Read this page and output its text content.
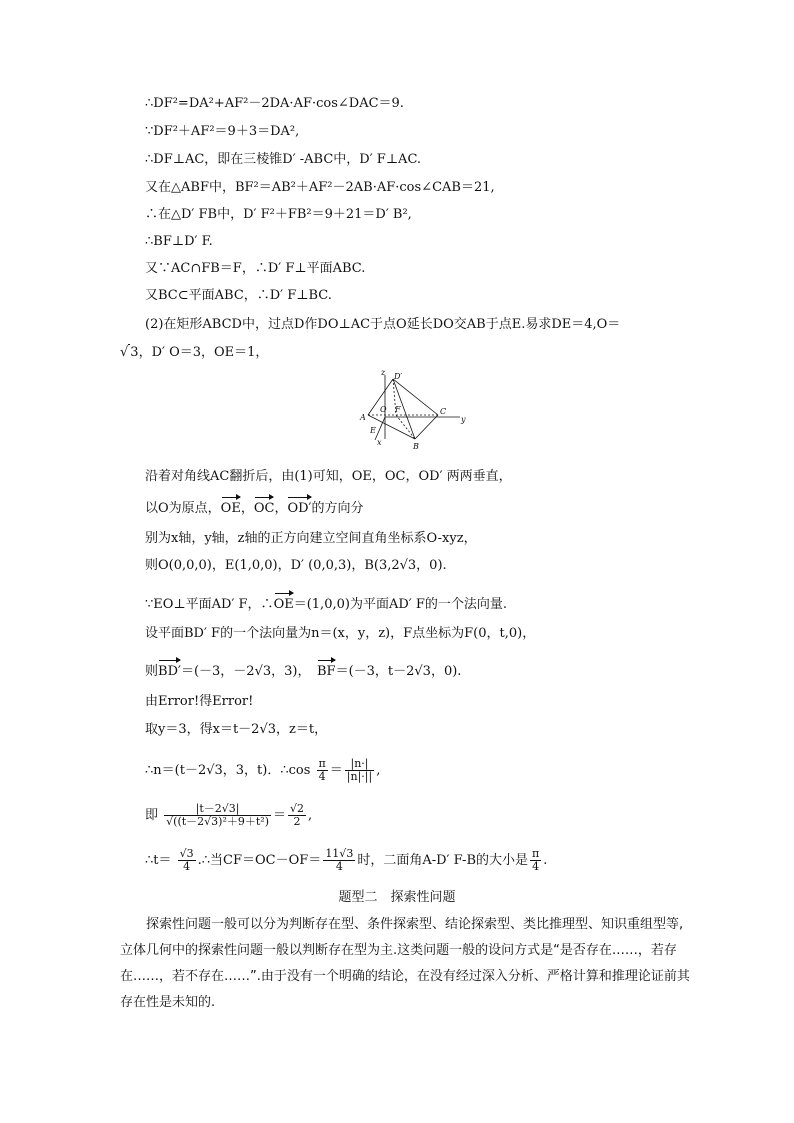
∴DF²=DA²+AF²－2DA·AF·cos∠DAC＝9.
∵DF²＋AF²＝9＋3＝DA²,
∴DF⊥AC，即在三棱锥D′ -ABC中，D′ F⊥AC.
又在△ABF中，BF²＝AB²＋AF²－2AB·AF·cos∠CAB＝21,
∴在△D′ FB中，D′ F²＋FB²＝9＋21＝D′ B²,
∴BF⊥D′ F.
又∵AC∩FB＝F，∴D′ F⊥平面ABC.
又BC⊂平面ABC，∴D′ F⊥BC.
(2)在矩形ABCD中，过点D作DO⊥AC于点O延长DO交AB于点E.易求DE＝4,O＝
√ 3，D′ O＝3，OE＝1，
z D′
O F
A
C
y
E
x	B
沿着对角线AC翻折后，由(1)可知，OE，OC，OD′ 两两垂直，
以O为原点，OE，OC，OD′的方向分
别为x轴，y轴，z轴的正方向建立空间直角坐标系O-xyz，
则O(0,0,0)，E(1,0,0)，D′ (0,0,3)，B(3,2√3，0).
∵EO⊥平面AD′ F，∴OE＝(1,0,0)为平面AD′ F的一个法向量.
设平面BD′ F的一个法向量为n＝(x，y，z)，F点坐标为F(0，t,0)，
则BD′＝(－3，－2√3，3)，　 BF＝(－3，t－2√3，0).
由Error!得Error!
取y＝3，得x＝t－2√3，z＝t，
∴n＝(t－2√3，3，t)．∴cos $\frac{\pi}{4} = \frac{|n\cdot|}{|n|\cdot||}$ ,
即 $\frac{|t-2√3|}{\text{√((t－2√3)²＋9＋t²)}} = \frac{√2}{2}$ ,
∴t＝ $\frac{√3}{4}$ .∴当$CF=OC-OF= \frac{11√3}{4}$ 时，二面角A-D′ F-B的大小是 $\frac{\pi}{4}$ .
题型二　探索性问题
探索性问题一般可以分为判断存在型、条件探索型、结论探索型、类比推理型、知识重组型等,立体几何中的探索性问题一般以判断存在型为主.这类问题一般的设问方式是“是否存在……，若存在……，若不存在……”.由于没有一个明确的结论，在没有经过深入分析、严格计算和推理论证前其存在性是未知的.
